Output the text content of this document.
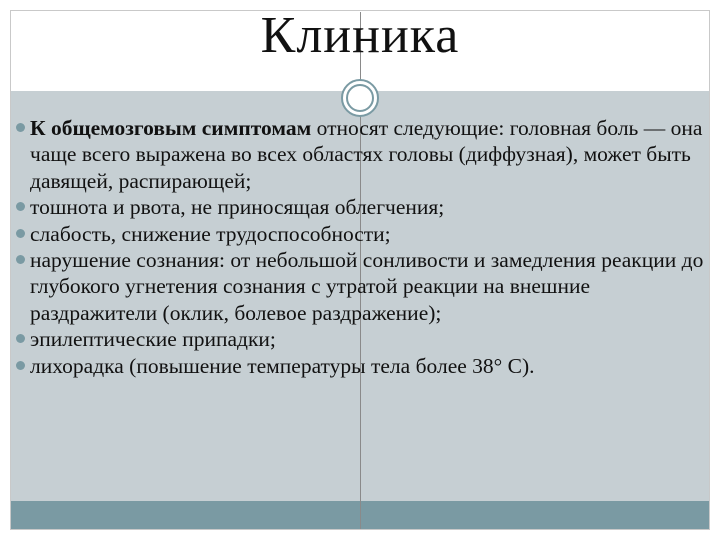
Клиника
К общемозговым симптомам относят следующие: головная боль — она чаще всего выражена во всех областях головы (диффузная), может быть давящей, распирающей;
тошнота и рвота, не приносящая облегчения;
слабость, снижение трудоспособности;
нарушение сознания: от небольшой сонливости и замедления реакции до глубокого угнетения сознания с утратой реакции на внешние раздражители (оклик, болевое раздражение);
эпилептические припадки;
лихорадка (повышение температуры тела более 38° С).
